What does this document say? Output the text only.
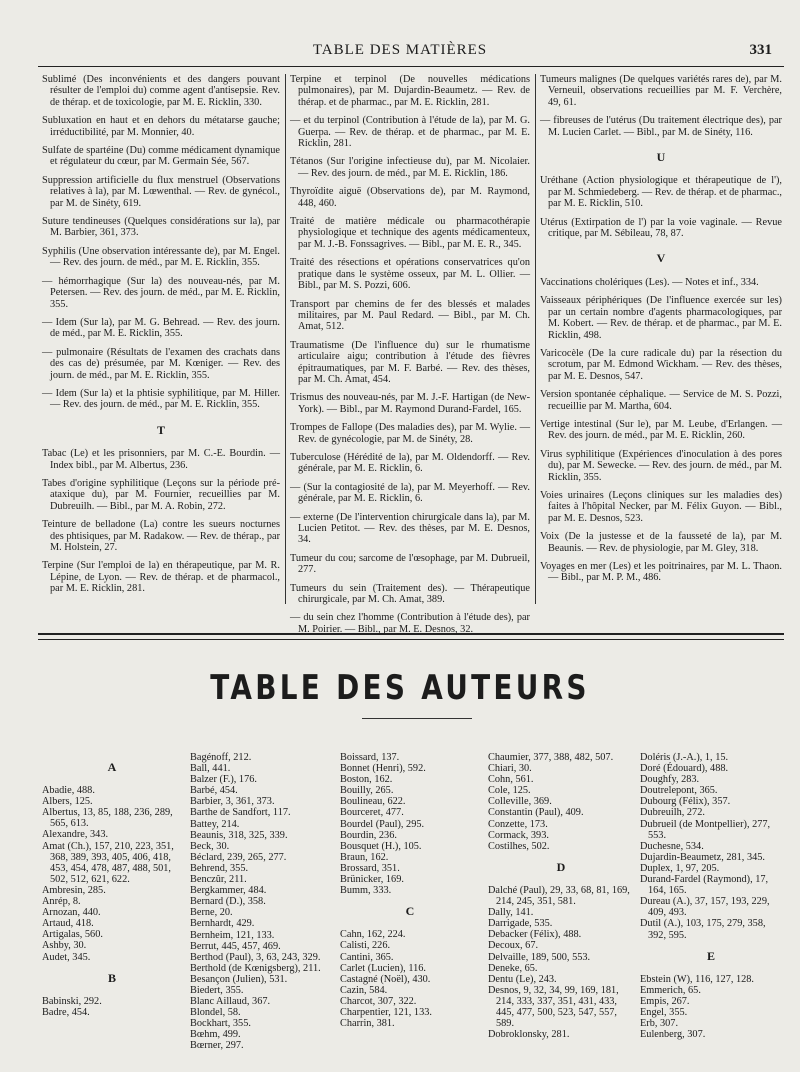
TABLE DES MATIÈRES	331
Sublimé (Des inconvénients et des dangers pouvant résulter de l'emploi du) comme agent d'antisepsie. Rev. de thérap. et de toxicologie, par M. E. Ricklin, 330.
Subluxation en haut et en dehors du métatarse gauche; irréductibilité, par M. Monnier, 40.
Sulfate de spartéine (Du) comme médicament dynamique et régulateur du cœur, par M. Germain Sée, 567.
Suppression artificielle du flux menstruel (Observations relatives à la), par M. Lœwenthal. — Rev. de gynécol., par M. de Sinéty, 619.
Suture tendineuses (Quelques considérations sur la), par M. Barbier, 361, 373.
Syphilis (Une observation intéressante de), par M. Engel. — Rev. des journ. de méd., par M. E. Ricklin, 355.
— hémorrhagique (Sur la) des nouveau-nés, par M. Petersen. — Rev. des journ. de méd., par M. E. Ricklin, 355.
— Idem (Sur la), par M. G. Behread. — Rev. des journ. de méd., par M. E. Ricklin, 355.
— pulmonaire (Résultats de l'examen des crachats dans des cas de) présumée, par M. Kœniger. — Rev. des journ. de méd., par M. E. Ricklin, 355.
— Idem (Sur la) et la phtisie syphilitique, par M. Hiller. — Rev. des journ. de méd., par M. E. Ricklin, 355.
T
Tabac (Le) et les prisonniers, par M. C.-E. Bourdin. — Index bibl., par M. Albertus, 236.
Tabes d'origine syphilitique (Leçons sur la période pré-ataxique du), par M. Fournier, recueillies par M. Dubreuilh. — Bibl., par M. A. Robin, 272.
Teinture de belladone (La) contre les sueurs nocturnes des phtisiques, par M. Radakow. — Rev. de thérap., par M. Holstein, 27.
Terpine (Sur l'emploi de la) en thérapeutique, par M. R. Lépine, de Lyon. — Rev. de thérap. et de pharmacol., par M. E. Ricklin, 281.
Terpine et terpinol (De nouvelles médications pulmonaires), par M. Dujardin-Beaumetz. — Rev. de thérap. et de pharmac., par M. E. Ricklin, 281.
— et du terpinol (Contribution à l'étude de la), par M. G. Guerpa. — Rev. de thérap. et de pharmac., par M. E. Ricklin, 281.
Tétanos (Sur l'origine infectieuse du), par M. Nicolaier. — Rev. des journ. de méd., par M. E. Ricklin, 186.
Thyroïdite aiguë (Observations de), par M. Raymond, 448, 460.
Traité de matière médicale ou pharmacothérapie physiologique et technique des agents médicamenteux, par M. J.-B. Fonssagrives. — Bibl., par M. E. R., 345.
Traité des résections et opérations conservatrices qu'on pratique dans le système osseux, par M. L. Ollier. — Bibl., par M. S. Pozzi, 606.
Transport par chemins de fer des blessés et malades militaires, par M. Paul Redard. — Bibl., par M. Ch. Amat, 512.
Traumatisme (De l'influence du) sur le rhumatisme articulaire aigu; contribution à l'étude des fièvres épitraumatiques, par M. F. Barbé. — Rev. des thèses, par M. Ch. Amat, 454.
Trismus des nouveau-nés, par M. J.-F. Hartigan (de New-York). — Bibl., par M. Raymond Durand-Fardel, 165.
Trompes de Fallope (Des maladies des), par M. Wylie. — Rev. de gynécologie, par M. de Sinéty, 28.
Tuberculose (Hérédité de la), par M. Oldendorff. — Rev. générale, par M. E. Ricklin, 6.
— (Sur la contagiosité de la), par M. Meyerhoff. — Rev. générale, par M. E. Ricklin, 6.
— externe (De l'intervention chirurgicale dans la), par M. Lucien Petitot. — Rev. des thèses, par M. E. Desnos, 34.
Tumeur du cou; sarcome de l'œsophage, par M. Dubrueil, 277.
Tumeurs du sein (Traitement des). — Thérapeutique chirurgicale, par M. Ch. Amat, 389.
— du sein chez l'homme (Contribution à l'étude des), par M. Poirier. — Bibl., par M. E. Desnos, 32.
Tumeurs malignes (De quelques variétés rares de), par M. Verneuil, observations recueillies par M. F. Verchère, 49, 61.
— fibreuses de l'utérus (Du traitement électrique des), par M. Lucien Carlet. — Bibl., par M. de Sinéty, 116.
U
Uréthane (Action physiologique et thérapeutique de l'), par M. Schmiedeberg. — Rev. de thérap. et de pharmac., par M. E. Ricklin, 510.
Utérus (Extirpation de l') par la voie vaginale. — Revue critique, par M. Sébileau, 78, 87.
V
Vaccinations cholériques (Les). — Notes et inf., 334.
Vaisseaux périphériques (De l'influence exercée sur les) par un certain nombre d'agents pharmacologiques, par M. Kobert. — Rev. de thérap. et de pharmac., par M. E. Ricklin, 498.
Varicocèle (De la cure radicale du) par la résection du scrotum, par M. Edmond Wickham. — Rev. des thèses, par M. E. Desnos, 547.
Version spontanée céphalique. — Service de M. S. Pozzi, recueillie par M. Martha, 604.
Vertige intestinal (Sur le), par M. Leube, d'Erlangen. — Rev. des journ. de méd., par M. E. Ricklin, 260.
Virus syphilitique (Expériences d'inoculation à des pores du), par M. Sewecke. — Rev. des journ. de méd., par M. Ricklin, 355.
Voies urinaires (Leçons cliniques sur les maladies des) faites à l'hôpital Necker, par M. Félix Guyon. — Bibl., par M. E. Desnos, 523.
Voix (De la justesse et de la fausseté de la), par M. Beaunis. — Rev. de physiologie, par M. Gley, 318.
Voyages en mer (Les) et les poitrinaires, par M. L. Thaon. — Bibl., par M. P. M., 486.
TABLE DES AUTEURS
A
Abadie, 488.
Albers, 125.
Albertus, 13, 85, 188, 236, 289, 565, 613.
Alexandre, 343.
Amat (Ch.), 157, 210, 223, 351, 368, 389, 393, 405, 406, 418, 453, 454, 478, 487, 488, 501, 502, 512, 621, 622.
Ambresin, 285.
Anrép, 8.
Arnozan, 440.
Artaud, 418.
Artigalas, 560.
Ashby, 30.
Audet, 345.
B
Babinski, 292.
Badre, 454.
Bagénoff, 212.
Ball, 441.
Balzer (F.), 176.
Barbé, 454.
Barbier, 3, 361, 373.
Barthe de Sandfort, 117.
Battey, 214.
Beaunis, 318, 325, 339.
Beck, 30.
Béclard, 239, 265, 277.
Behrend, 355.
Benczûr, 211.
Bergkammer, 484.
Bernard (D.), 358.
Berne, 20.
Bernhardt, 429.
Bernheim, 121, 133.
Berrut, 445, 457, 469.
Berthod (Paul), 3, 63, 243, 329.
Berthold (de Kœnigsberg), 211.
Besançon (Julien), 531.
Biedert, 355.
Blanc Aillaud, 367.
Blondel, 58.
Bockhart, 355.
Bœhm, 499.
Bœrner, 297.
Boissard, 137.
Bonnet (Henri), 592.
Boston, 162.
Bouilly, 265.
Boulineau, 622.
Bourceret, 477.
Bourdel (Paul), 295.
Bourdin, 236.
Bousquet (H.), 105.
Braun, 162.
Brossard, 351.
Brünicker, 169.
Bumm, 333.
C
Cahn, 162, 224.
Calisti, 226.
Cantini, 365.
Carlet (Lucien), 116.
Castagné (Noël), 430.
Cazin, 584.
Charcot, 307, 322.
Charpentier, 121, 133.
Charrin, 381.
Chaumier, 377, 388, 482, 507.
Chiari, 30.
Cohn, 561.
Cole, 125.
Colleville, 369.
Constantin (Paul), 409.
Conzette, 173.
Cormack, 393.
Costilhes, 502.
D
Dalché (Paul), 29, 33, 68, 81, 169, 214, 245, 351, 581.
Dally, 141.
Darrigade, 535.
Debacker (Félix), 488.
Decoux, 67.
Delvaille, 189, 500, 553.
Deneke, 65.
Dentu (Le), 243.
Desnos, 9, 32, 34, 99, 169, 181, 214, 333, 337, 351, 431, 433, 445, 477, 500, 523, 547, 557, 589.
Dobroklonsky, 281.
Doléris (J.-A.), 1, 15.
Doré (Édouard), 488.
Doughfy, 283.
Doutrelepont, 365.
Dubourg (Félix), 357.
Dubreuilh, 272.
Dubrueil (de Montpellier), 277, 553.
Duchesne, 534.
Dujardin-Beaumetz, 281, 345.
Duplex, 1, 97, 205.
Durand-Fardel (Raymond), 17, 164, 165.
Dureau (A.), 37, 157, 193, 229, 409, 493.
Dutil (A.), 103, 175, 279, 358, 392, 595.
E
Ebstein (W), 116, 127, 128.
Emmerich, 65.
Empis, 267.
Engel, 355.
Erb, 307.
Eulenberg, 307.
